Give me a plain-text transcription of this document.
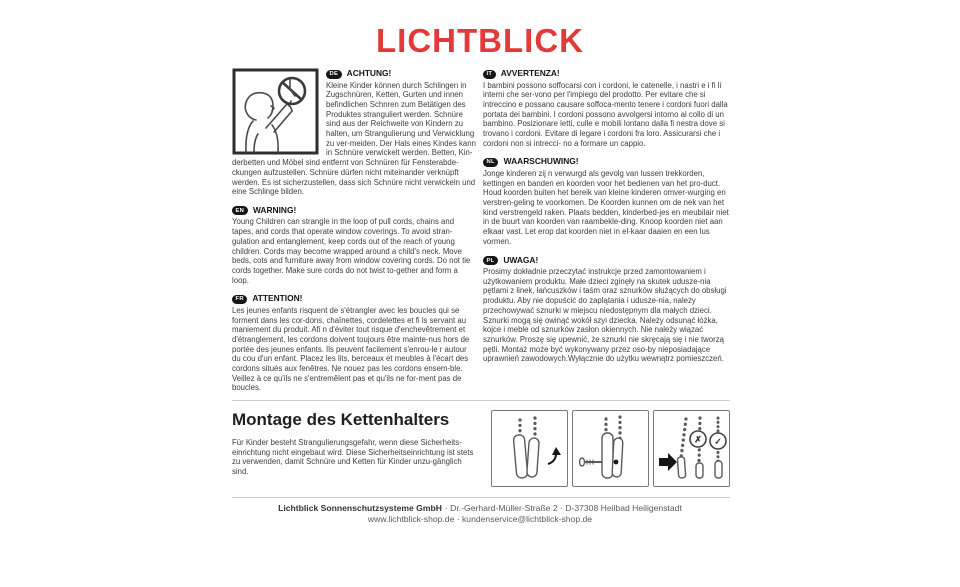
LICHTBLICK
DE ACHTUNG!
Kleine Kinder können durch Schlingen in Zugschnüren, Ketten, Gurten und innen befindlichen Schnren zum Betätigen des Produktes stranguliert werden. Schnüre sind aus der Reichweite von Kindern zu halten, um Strangulierung und Verwicklung zu ver-meiden. Der Hals eines Kindes kann in Schnüre verwickelt werden. Betten, Kin-derbetten und Möbel sind entfernt von Schnüren für Fensterabde-ckungen aufzustellen. Schnüre dürfen nicht miteinander verknüpft werden. Es ist sicherzustellen, dass sich Schnüre nicht verwickeln und eine Schlinge bilden.
EN WARNING!
Young Children can strangle in the loop of pull cords, chains and tapes, and cords that operate window coverings. To avoid stran-gulation and entanglement, keep cords out of the reach of young children. Cords may become wrapped around a child's neck. Move beds, cots and furniture away from window covering cords. Do not tie cords together. Make sure cords do not twist to-gether and form a loop.
FR ATTENTION!
Les jeunes enfants risquent de s'étrangler avec les boucles qui se forment dans les cor-dons, chaînettes, cordelettes et fi ls servant au maniement du produit. Afi n d'éviter tout risque d'enchevêtrement et d'étranglement, les cordons doivent toujours être mainte-nus hors de portée des jeunes enfants. Ils peuvent facilement s'enrou-le r autour du cou d'un enfant. Placez les lits, berceaux et meubles à l'écart des cordons situés aux fenêtres. Ne nouez pas les cordons ensem-ble. Veillez à ce qu'ils ne s'entremêlent pas et qu'ils ne for-ment pas de boucles.
IT AVVERTENZA!
I bambini possono soffocarsi con i cordoni, le catenelle, i nastri e i fi li interni che ser-vono per l'impiego del prodotto. Per evitare che si intreccino e possano causare soffoca-mento tenere i cordoni fuori dalla portata dei bambini. I cordoni possono avvolgersi intorno al collo di un bambino. Posizionare letti, culle e mobili lontano dalla fi nestra dove si trovano i cordoni. Evitare di legare i cordoni fra loro. Assicurarsi che i cordoni non si intrecci- no a formare un cappio.
NL WAARSCHUWING!
Jonge kinderen zij n verwurgd als gevolg van lussen trekkorden, kettingen en banden en koorden voor het bedienen van het pro-duct. Houd koorden buiten het bereik van kleine kinderen omver-wurging en verstren-geling te voorkomen. De Koorden kunnen om de nek van het kind verstrengeld raken. Plaats bedden, kinderbed-jes en meubilair niet in de buurt van koorden van raambekle-ding. Knoop koorden niet aan elkaar vast. Let erop dat koorden niet in el-kaar daaien en een lus vormen.
PL UWAGA!
Prosimy dokładnie przeczytać instrukcje przed zamontowaniem i użytkowaniem produktu. Małe dzieci zginęły na skutek udusze-nia pętlami z linek, łańcuszków i taśm oraz sznurków służących do obsługi produktu. Aby nie dopuścić do zaplątania i udusze-nia, należy przechowywać sznurki w miejscu niedostępnym dla małych dzieci. Sznurki mogą się owinąć wokół szyi dziecka. Należy odsunąć łóżka, kojce i meble od sznurków zasłon okiennych. Nie należy wiązać sznurków. Proszę się upewnić, że sznurki nie skręcają się i nie tworzą pętli. Montaż może być wykonywany przez oso-by nieposiadające uprawnień zawodowych.Wyłącznie do użytku wewnątrz pomieszczeń.
Montage des Kettenhalters
Für Kinder besteht Strangulierungsgefahr, wenn diese Sicherheits-einrichtung nicht eingebaut wird. Diese Sicherheitseinrichtung ist stets zu verwenden, damit Schnüre und Ketten für Kinder unzu-gänglich sind.
✗ ✓
Lichtblick Sonnenschutzsysteme GmbH · Dr.-Gerhard-Müller-Straße 2 · D-37308 Heilbad Heiligenstadt
www.lichtblick-shop.de · kundenservice@lichtblick-shop.de
